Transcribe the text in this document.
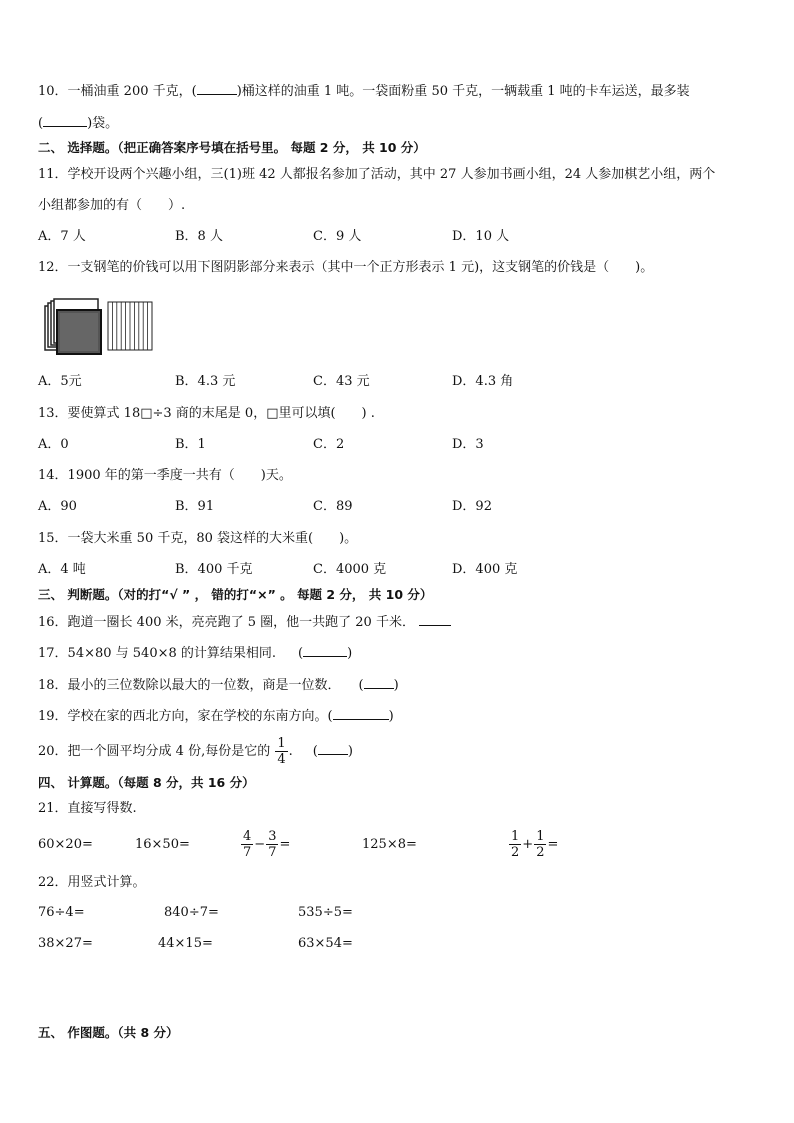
10．一桶油重 200 千克，(	)桶这样的油重 1 吨。一袋面粉重 50 千克，一辆载重 1 吨的卡车运送，最多装
(	)袋。
二、 选择题。（把正确答案序号填在括号里。 每题 2 分， 共 10 分）
11．学校开设两个兴趣小组，三(1)班 42 人都报名参加了活动，其中 27 人参加书画小组，24 人参加棋艺小组，两个
小组都参加的有（　　）.
A．7 人	B．8 人	C．9 人	D．10 人
12．一支钢笔的价钱可以用下图阴影部分来表示（其中一个正方形表示 1 元)，这支钢笔的价钱是（　　)。
A．5元	B．4.3 元	C．43 元	D．4.3 角
13．要使算式 18□÷3 商的末尾是 0，□里可以填(　　) .
A．0	B．1	C．2	D．3
14．1900 年的第一季度一共有（　　)天。
A．90	B．91	C．89	D．92
15．一袋大米重 50 千克，80 袋这样的大米重(　　)。
A．4 吨	B．400 千克	C．4000 克	D．400 克
三、 判断题。（对的打“√ ” ， 错的打“×” 。 每题 2 分， 共 10 分）
16．跑道一圈长 400 米，亮亮跑了 5 圈，他一共跑了 20 千米．
17．54×80 与 540×8 的计算结果相同. (	)
18．最小的三位数除以最大的一位数，商是一位数． ( )
19．学校在家的西北方向，家在学校的东南方向。(	)
20．把一个圆平均分成 4 份,每份是它的 $\frac{1}{4}$ . ( )
四、 计算题。（每题 8 分，共 16 分）
21．直接写得数.
60×20=	16×50=	$\frac{4}{7} - \frac{3}{7}$ =	125×8=	$\frac{1}{2} + \frac{1}{2}$ =
22．用竖式计算。
76÷4=	840÷7=	535÷5=
38×27=	44×15=	63×54=
五、 作图题。（共 8 分）
